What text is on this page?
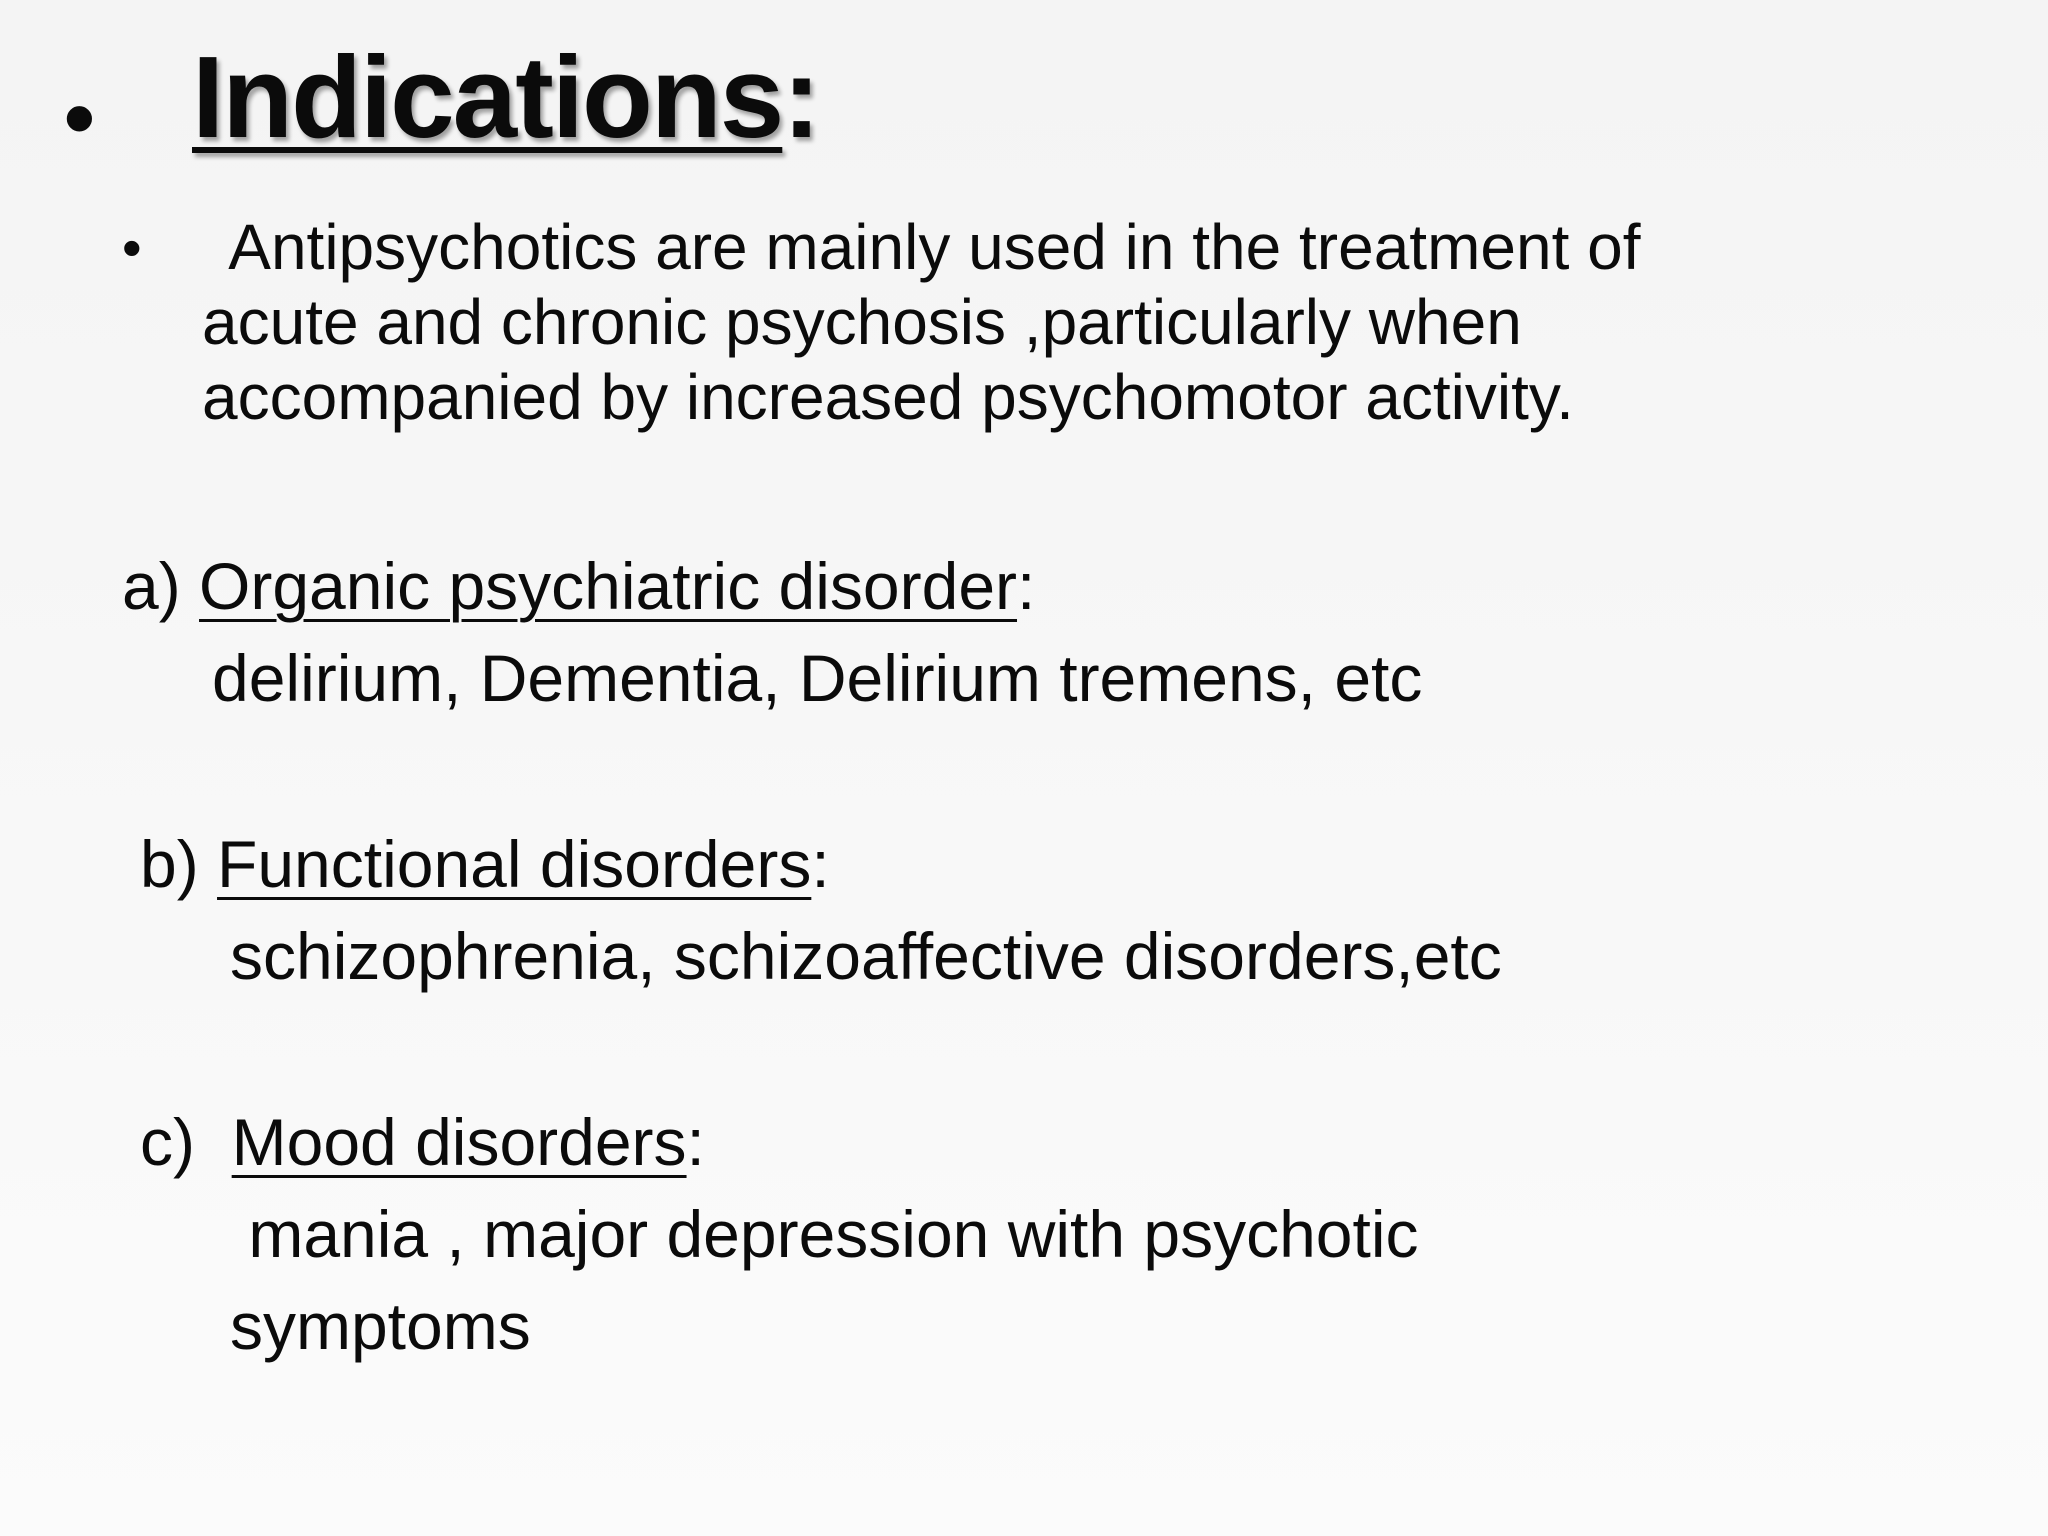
• Indications:
• Antipsychotics are mainly used in the treatment of
acute and chronic psychosis ,particularly when
accompanied by increased psychomotor activity.
a) Organic psychiatric disorder:
delirium, Dementia, Delirium tremens, etc
b) Functional disorders:
schizophrenia, schizoaffective disorders,etc
c)  Mood disorders:
mania , major depression with psychotic
symptoms
